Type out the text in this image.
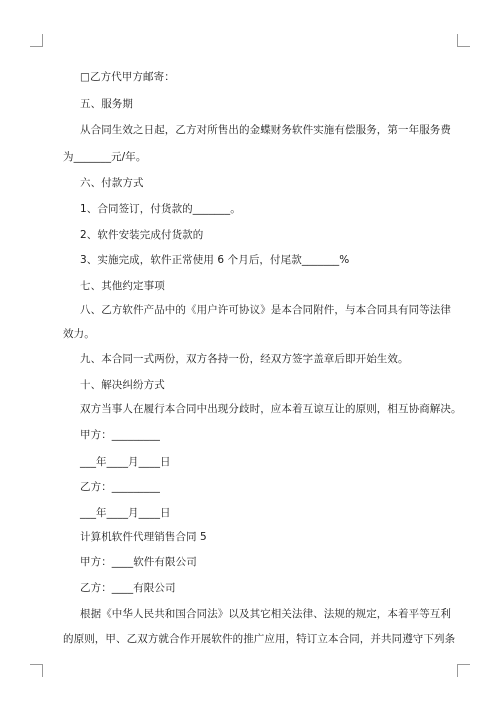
□乙方代甲方邮寄：
五、服务期
从合同生效之日起，乙方对所售出的金蝶财务软件实施有偿服务，第一年服务费
为_______元/年。
六、付款方式
1、合同签订，付货款的_______。
2、软件安装完成付货款的
3、实施完成，软件正常使用 6 个月后，付尾款_______%
七、其他约定事项
八、乙方软件产品中的《用户许可协议》是本合同附件，与本合同具有同等法律
效力。
九、本合同一式两份，双方各持一份，经双方签字盖章后即开始生效。
十、解决纠纷方式
双方当事人在履行本合同中出现分歧时，应本着互谅互让的原则，相互协商解决。
甲方：_________
___年____月____日
乙方：_________
___年____月____日
计算机软件代理销售合同 5
甲方：____软件有限公司
乙方：____有限公司
根据《中华人民共和国合同法》以及其它相关法律、法规的规定，本着平等互利
的原则，甲、乙双方就合作开展软件的推广应用，特订立本合同，并共同遵守下列条
